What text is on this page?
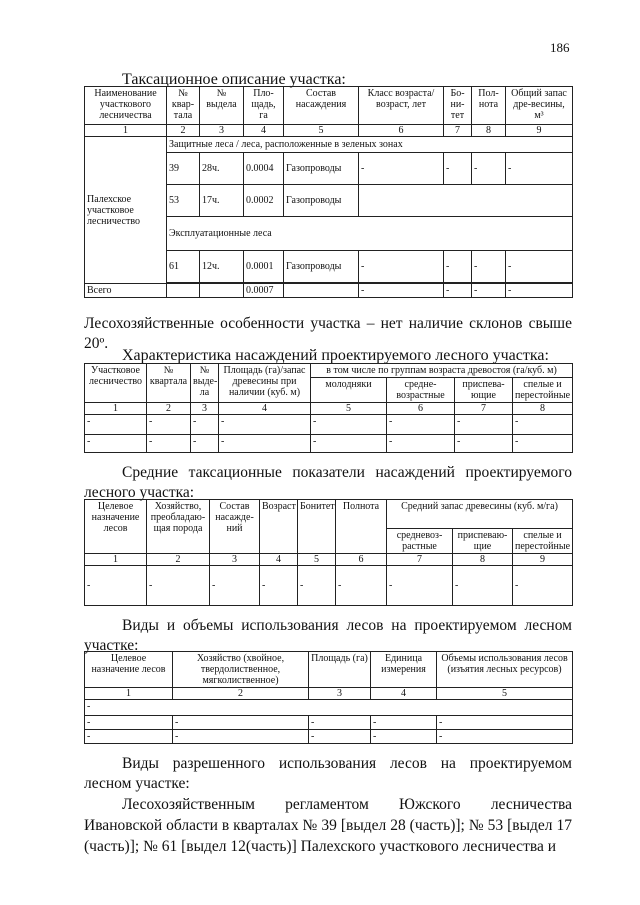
186
Таксационное описание участка:
Наименование участкового лесничества	№ квар-тала	№ выдела	Пло-щадь, га	Состав насаждения	Класс возраста/ возраст, лет	Бо-ни-тет	Пол-нота	Общий запас дре-весины, м³
1	2	3	4	5	6	7	8	9
Палехское участковое лесничество	Защитные леса / леса, расположенные в зеленых зонах							
	39	28ч.	0.0004	Газопроводы	-	-	-	-
	53	17ч.	0.0002	Газопроводы				
	Эксплуатационные леса							
	61	12ч.	0.0001	Газопроводы	-	-	-	-

Всего			0.0007		-	-	-	-
Лесохозяйственные особенности участка – нет наличие склонов свыше 20º.
Характеристика насаждений проектируемого лесного участка:
Участковое лесничество	№ квартала	№ выде-ла	Площадь (га)/запас древесины при наличии (куб. м)	в том числе по группам возраста древостоя (га/куб. м)			
				молодняки	средне-возрастные	приспева-ющие	спелые и перестойные
1	2	3	4	5	6	7	8
-	-	-	-	-	-	-	-
-	-	-	-	-	-	-	-
Средние таксационные показатели насаждений проектируемого лесного участка:
Целевое назначение лесов	Хозяйство, преобладаю-щая порода	Состав насажде-ний	Возраст	Бонитет	Полнота	Средний запас древесины (куб. м/га)		
						средневоз-растные	приспеваю-щие	спелые и перестойные
1	2	3	4	5	6	7	8	9
-	-	-	-	-	-	-	-	-
Виды и объемы использования лесов на проектируемом лесном участке:
Целевое назначение лесов	Хозяйство (хвойное, твердолиственное, мягколиственное)	Площадь (га)	Единица измерения	Объемы использования лесов (изъятия лесных ресурсов)
1	2	3	4	5
-				
-	-	-	-	-
-	-	-	-	-
Виды разрешенного использования лесов на проектируемом лесном участке:
Лесохозяйственным регламентом Южского лесничества Ивановской области в кварталах № 39 [выдел 28 (часть)]; № 53 [выдел 17 (часть)]; № 61 [выдел 12(часть)] Палехского участкового лесничества и
